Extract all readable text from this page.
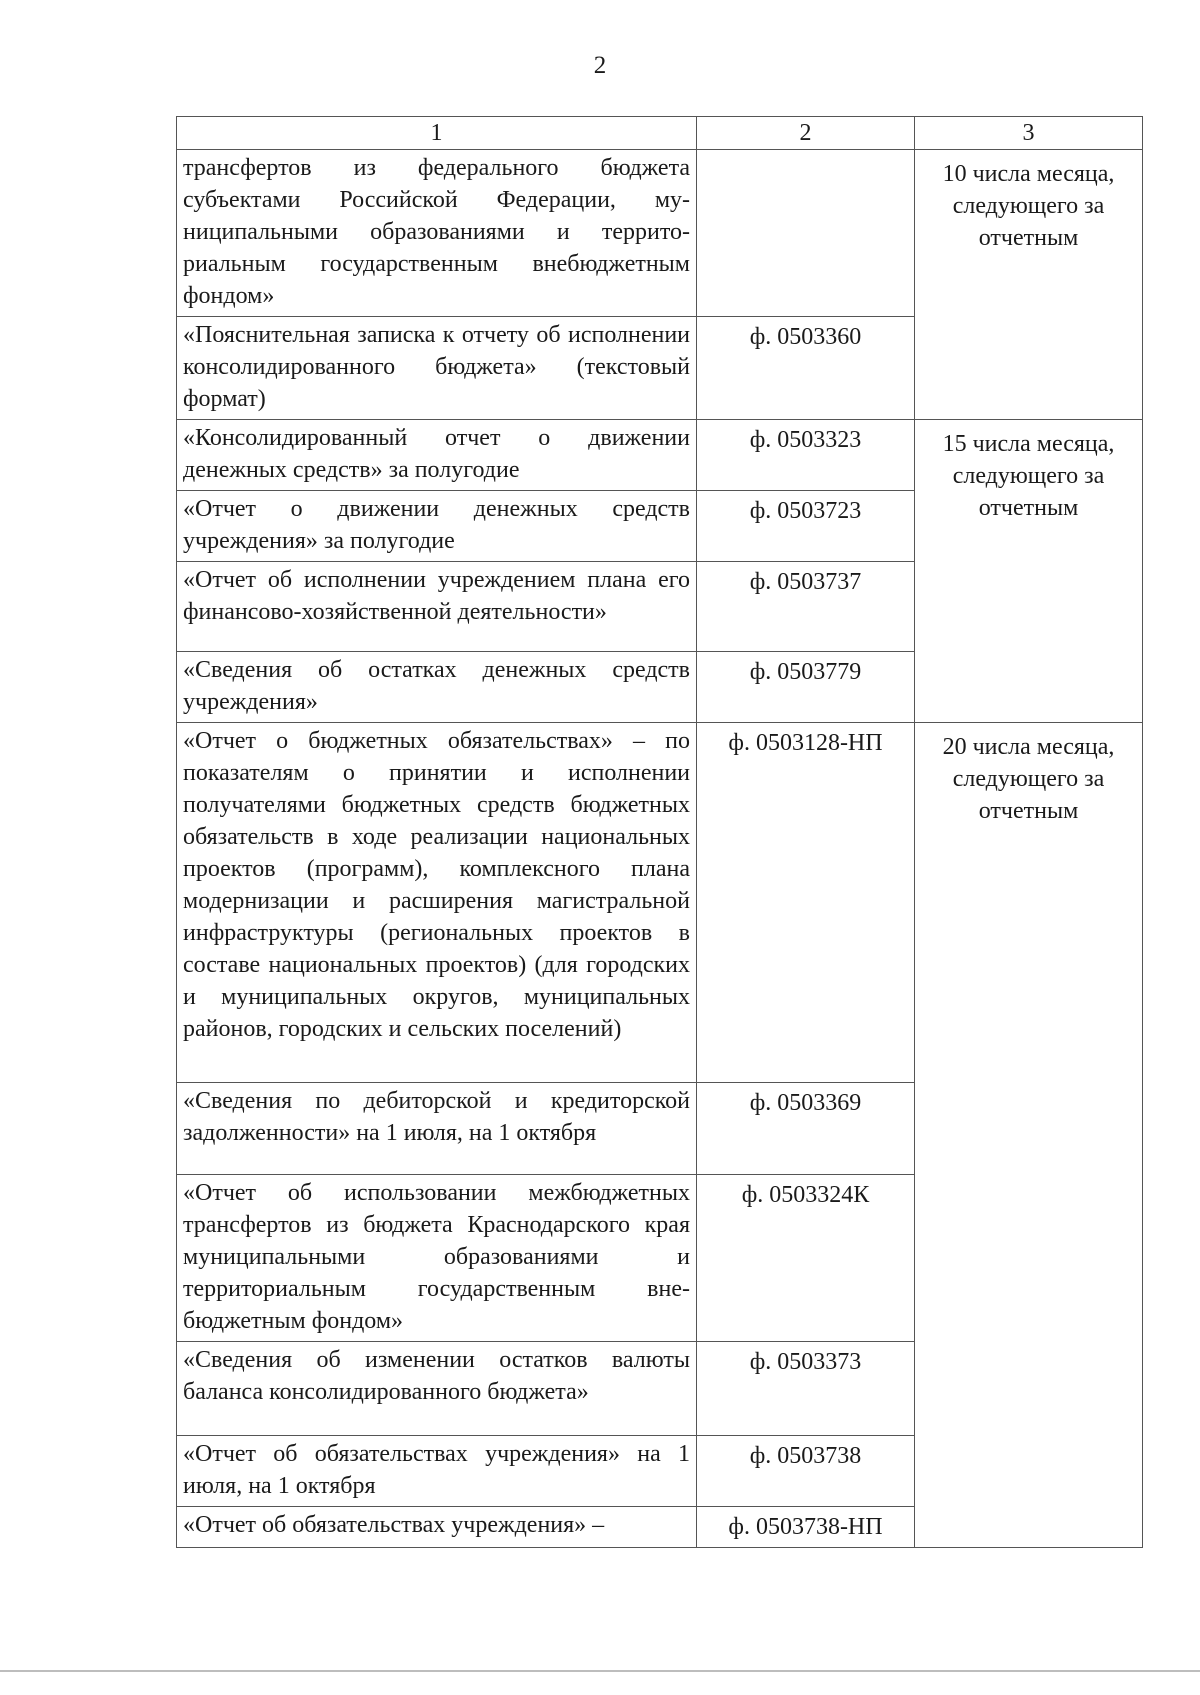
2
1	2	3
трансфертов из федерального бюджета субъектами Российской Федерации, муниципальными образованиями и территориальным государственным внебюджетным фондом»		10 числа месяца, следующего за отчетным
«Пояснительная записка к отчету об исполнении консолидированного бюджета» (текстовый формат)	ф. 0503360	
«Консолидированный отчет о движении денежных средств» за полугодие	ф. 0503323	15 числа месяца, следующего за отчетным
«Отчет о движении денежных средств учреждения» за полугодие	ф. 0503723	
«Отчет об исполнении учреждением плана его финансово-хозяйственной деятельности»	ф. 0503737	
«Сведения об остатках денежных средств учреждения»	ф. 0503779	
«Отчет о бюджетных обязательствах» – по показателям о принятии и исполнении получателями бюджетных средств бюджетных обязательств в ходе реализации национальных проектов (программ), комплексного плана модернизации и расширения магистральной инфраструктуры (региональных проектов в составе национальных проектов) (для городских и муниципальных округов, муниципальных районов, городских и сельских поселений)	ф. 0503128-НП	20 числа месяца, следующего за отчетным
«Сведения по дебиторской и кредиторской задолженности» на 1 июля, на 1 октября	ф. 0503369	
«Отчет об использовании межбюджетных трансфертов из бюджета Краснодарского края муниципальными образованиями и территориальным государственным внебюджетным фондом»	ф. 0503324К	
«Сведения об изменении остатков валюты баланса консолидированного бюджета»	ф. 0503373	
«Отчет об обязательствах учреждения» на 1 июля, на 1 октября	ф. 0503738	
«Отчет об обязательствах учреждения» –	ф. 0503738-НП	
